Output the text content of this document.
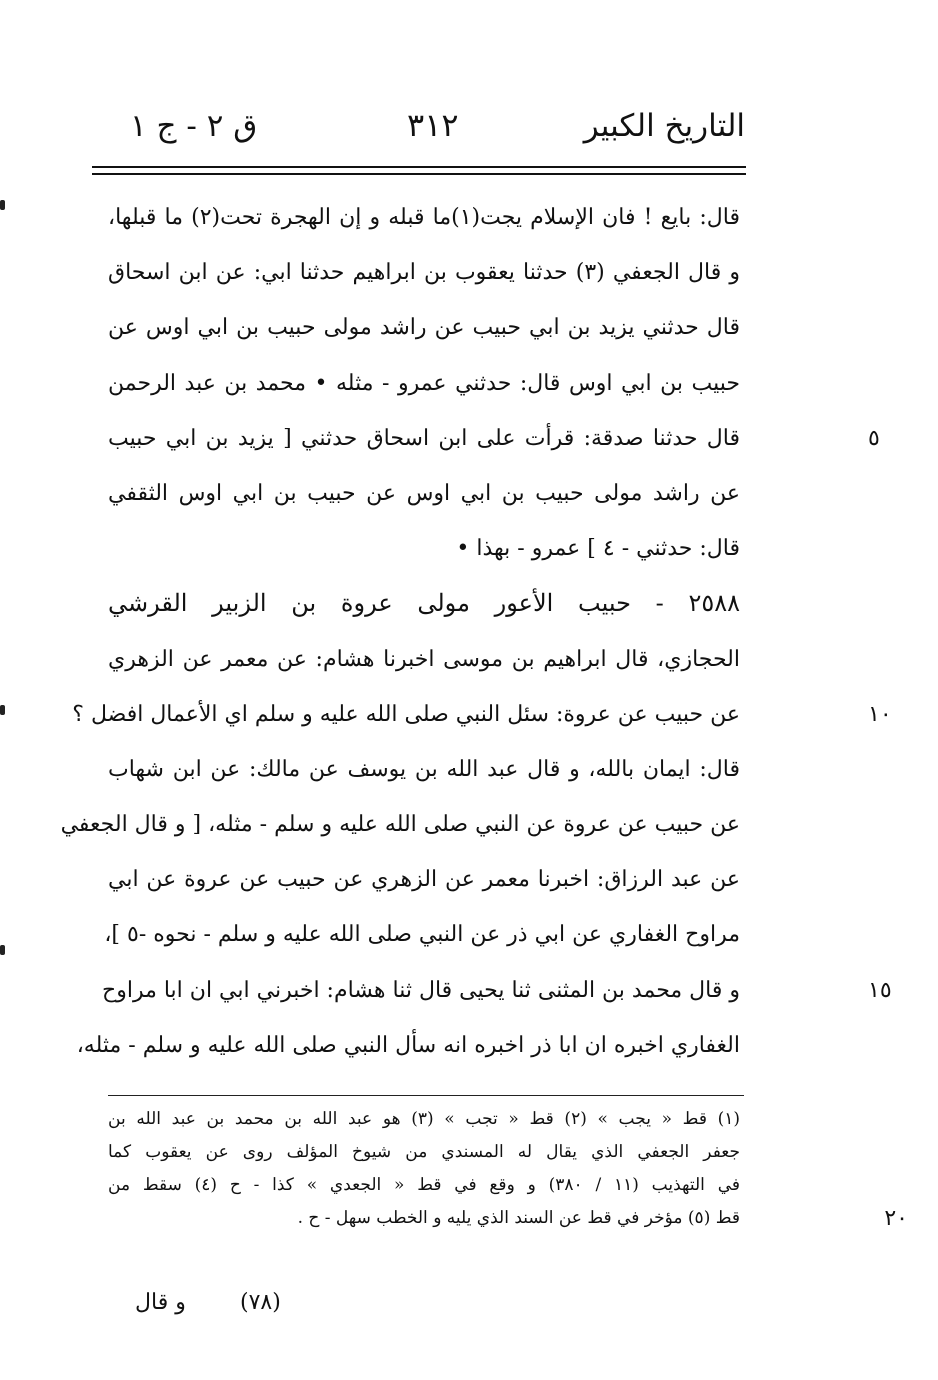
التاريخ الكبير
٣١٢
ق ٢ - ج ١
قال: بايع ! فان الإسلام يجت(١)ما قبله و إن الهجرة تحت(٢) ما قبلها،
و قال الجعفي (٣) حدثنا يعقوب بن ابراهيم حدثنا ابي: عن ابن اسحاق
قال حدثني يزيد بن ابي حبيب عن راشد مولى حبيب بن ابي اوس عن
حبيب بن ابي اوس قال: حدثني عمرو - مثله • محمد بن عبد الرحمن
قال حدثنا صدقة: قرأت على ابن اسحاق حدثني [ يزيد بن ابي حبيب	٥
عن راشد مولى حبيب بن ابي اوس عن حبيب بن ابي اوس الثقفي
قال: حدثني - ٤ ] عمرو - بهذا •
٢٥٨٨ - حبيب الأعور مولى عروة بن الزبير القرشي
الحجازي، قال ابراهيم بن موسى اخبرنا هشام: عن معمر عن الزهري
عن حبيب عن عروة: سئل النبي صلى الله عليه و سلم اي الأعمال افضل ؟	١٠
قال: ايمان بالله، و قال عبد الله بن يوسف عن مالك: عن ابن شهاب
عن حبيب عن عروة عن النبي صلى الله عليه و سلم - مثله، [ و قال الجعفي
عن عبد الرزاق: اخبرنا معمر عن الزهري عن حبيب عن عروة عن ابي
مراوح الغفاري عن ابي ذر عن النبي صلى الله عليه و سلم - نحوه -٥ ]،
و قال محمد بن المثنى ثنا يحيى قال ثنا هشام: اخبرني ابي ان ابا مراوح	١٥
الغفاري اخبره ان ابا ذر اخبره انه سأل النبي صلى الله عليه و سلم - مثله،
(١) قط « يجب » (٢) قط « تجب » (٣) هو عبد الله بن محمد بن عبد الله بن
جعفر الجعفي الذي يقال له المسندي من شيوخ المؤلف روى عن يعقوب كما
في التهذيب (١١ / ٣٨٠) و وقع في قط « الجعدي » كذا - ح (٤) سقط من
قط (٥) مؤخر في قط عن السند الذي يليه و الخطب سهل - ح .	٢٠
(٧٨)
و قال
